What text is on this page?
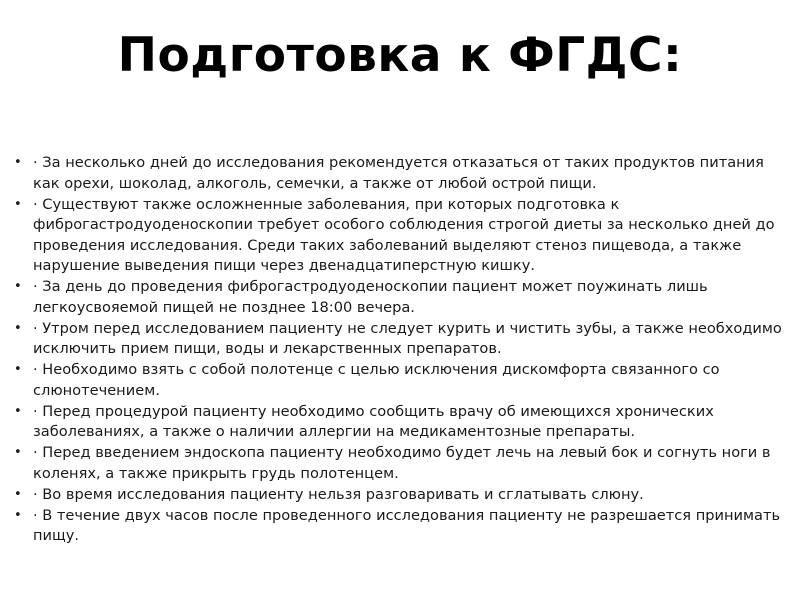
Подготовка к ФГДС:
• · За несколько дней до исследования рекомендуется отказаться от таких продуктов питания как орехи, шоколад, алкоголь, семечки, а также от любой острой пищи.
• · Существуют также осложненные заболевания, при которых подготовка к фиброгастродуоденоскопии требует особого соблюдения строгой диеты за несколько дней до проведения исследования. Среди таких заболеваний выделяют стеноз пищевода, а также нарушение выведения пищи через двенадцатиперстную кишку.
• · За день до проведения фиброгастродуоденоскопии пациент может поужинать лишь легкоусвояемой пищей не позднее 18:00 вечера.
• · Утром перед исследованием пациенту не следует курить и чистить зубы, а также необходимо исключить прием пищи, воды и лекарственных препаратов.
• · Необходимо взять с собой полотенце с целью исключения дискомфорта связанного со слюнотечением.
• · Перед процедурой пациенту необходимо сообщить врачу об имеющихся хронических заболеваниях, а также о наличии аллергии на медикаментозные препараты.
• · Перед введением эндоскопа пациенту необходимо будет лечь на левый бок и согнуть ноги в коленях, а также прикрыть грудь полотенцем.
• · Во время исследования пациенту нельзя разговаривать и сглатывать слюну.
• · В течение двух часов после проведенного исследования пациенту не разрешается принимать пищу.
